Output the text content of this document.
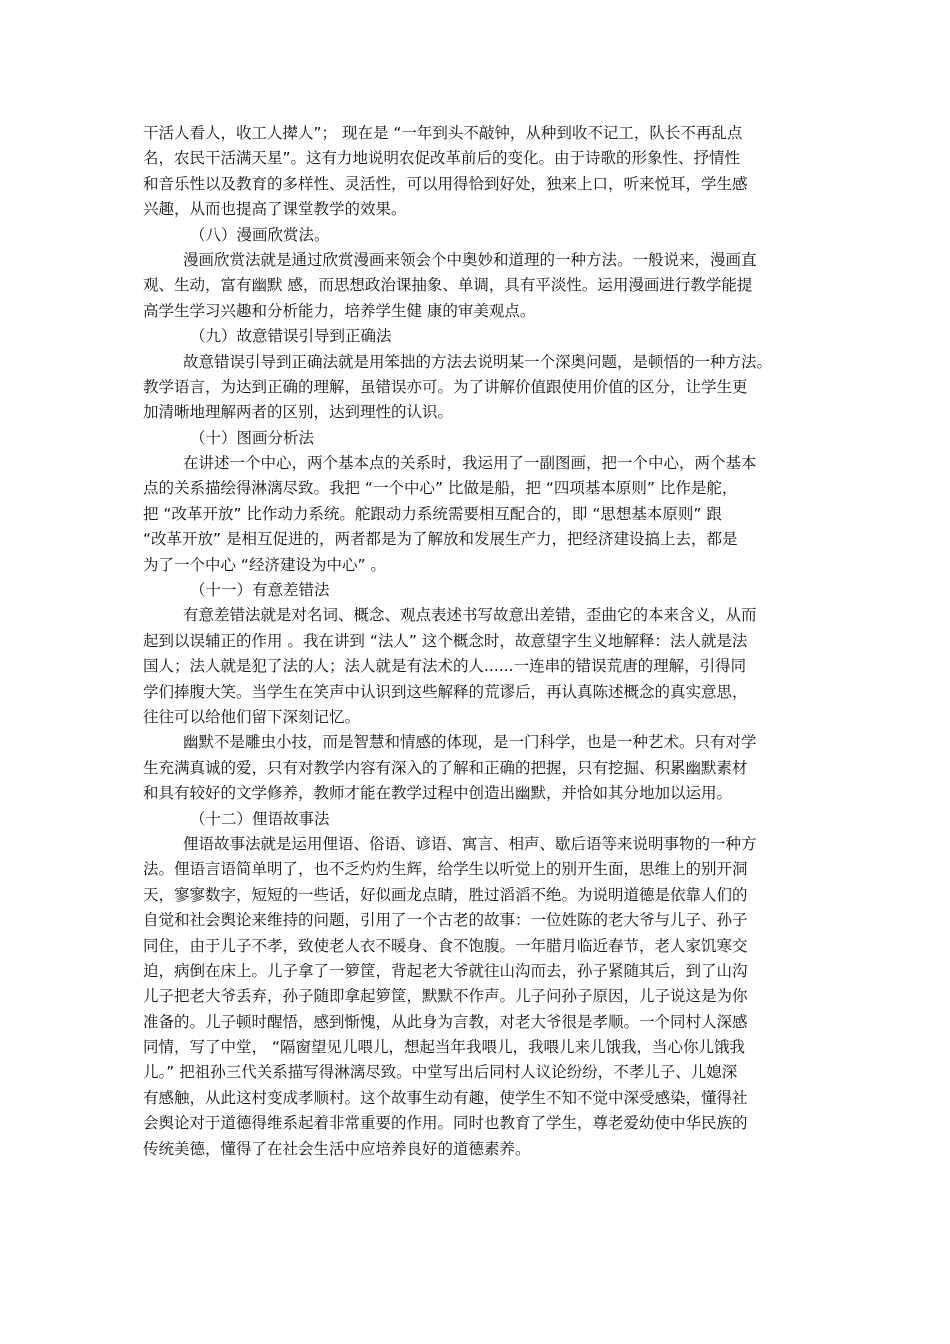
干活人看人，收工人撵人”； 现在是 “一年到头不敲钟，从种到收不记工，队长不再乱点
名，农民干活满天星”。这有力地说明农促改革前后的变化。由于诗歌的形象性、抒情性
和音乐性以及教育的多样性、灵活性，可以用得恰到好处，独来上口，听来悦耳，学生感
兴趣，从而也提高了课堂教学的效果。
（八）漫画欣赏法。
漫画欣赏法就是通过欣赏漫画来领会个中奥妙和道理的一种方法。一般说来，漫画直
观、生动，富有幽默 感，而思想政治课抽象、单调，具有平淡性。运用漫画进行教学能提
高学生学习兴趣和分析能力，培养学生健 康的审美观点。
（九）故意错误引导到正确法
故意错误引导到正确法就是用笨拙的方法去说明某一个深奥问题，是顿悟的一种方法。
教学语言，为达到正确的理解，虽错误亦可。为了讲解价值跟使用价值的区分，让学生更
加清晰地理解两者的区别，达到理性的认识。
（十）图画分析法
在讲述一个中心，两个基本点的关系时，我运用了一副图画，把一个中心，两个基本
点的关系描绘得淋漓尽致。我把 “一个中心” 比做是船，把 “四项基本原则” 比作是舵，
把 “改革开放” 比作动力系统。舵跟动力系统需要相互配合的，即 “思想基本原则” 跟
“改革开放” 是相互促进的，两者都是为了解放和发展生产力，把经济建设搞上去，都是
为了一个中心 “经济建设为中心” 。
（十一）有意差错法
有意差错法就是对名词、概念、观点表述书写故意出差错，歪曲它的本来含义，从而
起到以误辅正的作用 。我在讲到 “法人” 这个概念时，故意望字生义地解释：法人就是法
国人；法人就是犯了法的人；法人就是有法术的人......一连串的错误荒唐的理解，引得同
学们捧腹大笑。当学生在笑声中认识到这些解释的荒谬后，再认真陈述概念的真实意思，
往往可以给他们留下深刻记忆。
幽默不是雕虫小技，而是智慧和情感的体现，是一门科学，也是一种艺术。只有对学
生充满真诚的爱，只有对教学内容有深入的了解和正确的把握，只有挖掘、积累幽默素材
和具有较好的文学修养，教师才能在教学过程中创造出幽默，并恰如其分地加以运用。
（十二）俚语故事法
俚语故事法就是运用俚语、俗语、谚语、寓言、相声、歇后语等来说明事物的一种方
法。俚语言语简单明了，也不乏灼灼生辉，给学生以听觉上的别开生面，思维上的别开洞
天，寥寥数字，短短的一些话，好似画龙点睛，胜过滔滔不绝。为说明道德是依靠人们的
自觉和社会舆论来维持的问题，引用了一个古老的故事：一位姓陈的老大爷与儿子、孙子
同住，由于儿子不孝，致使老人衣不暖身、食不饱腹。一年腊月临近春节，老人家饥寒交
迫，病倒在床上。儿子拿了一箩筐，背起老大爷就往山沟而去，孙子紧随其后，到了山沟
儿子把老大爷丢弃，孙子随即拿起箩筐，默默不作声。儿子问孙子原因，儿子说这是为你
准备的。儿子顿时醒悟，感到惭愧，从此身为言教，对老大爷很是孝顺。一个同村人深感
同情，写了中堂， “隔窗望见儿喂儿，想起当年我喂儿，我喂儿来儿饿我，当心你儿饿我
儿。” 把祖孙三代关系描写得淋漓尽致。中堂写出后同村人议论纷纷，不孝儿子、儿媳深
有感触，从此这村变成孝顺村。这个故事生动有趣，使学生不知不觉中深受感染，懂得社
会舆论对于道德得维系起着非常重要的作用。同时也教育了学生，尊老爱幼使中华民族的
传统美德，懂得了在社会生活中应培养良好的道德素养。
